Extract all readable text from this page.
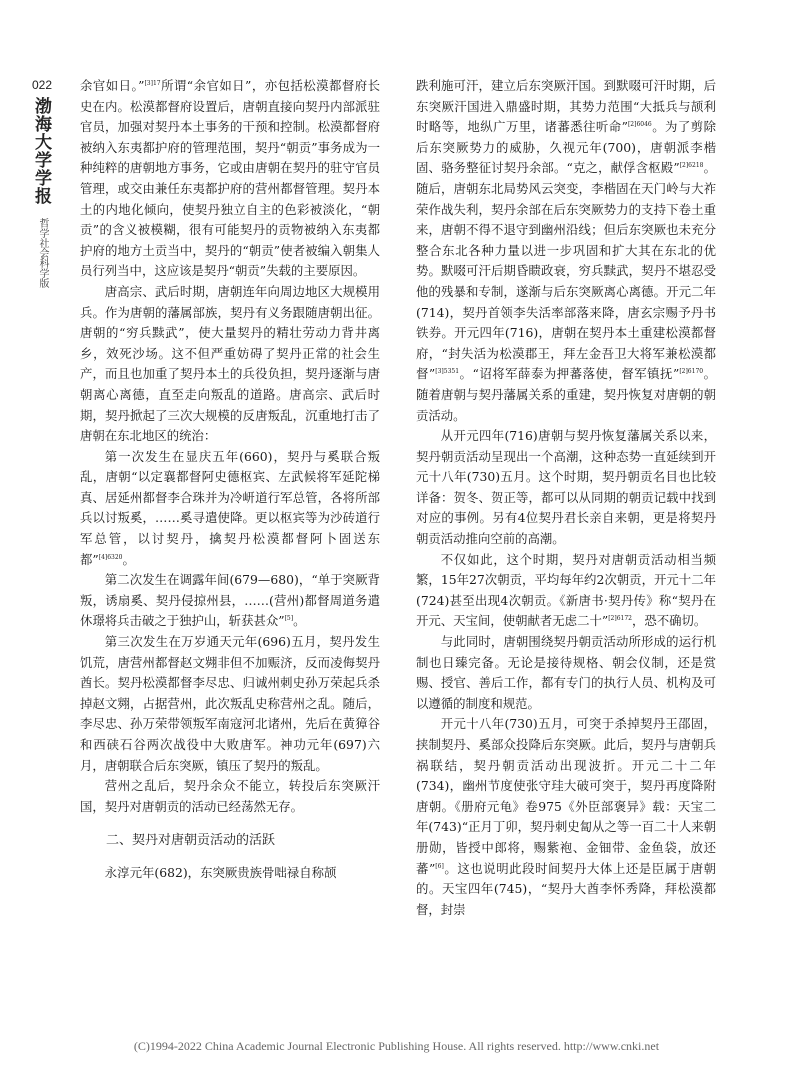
022
渤海大学学报
哲学社会科学版

余官如日。”$^{[3]17}$所谓“余官如日”，亦包括松漠都督府长史在内。松漠都督府设置后，唐朝直接向契丹内部派驻官员，加强对契丹本土事务的干预和控制。松漠都督府被纳入东夷都护府的管理范围，契丹“朝贡”事务成为一种纯粹的唐朝地方事务，它或由唐朝在契丹的驻守官员管理，或交由兼任东夷都护府的营州都督管理。契丹本土的内地化倾向，使契丹独立自主的色彩被淡化，“朝贡”的含义被模糊，很有可能契丹的贡物被纳入东夷都护府的地方土贡当中，契丹的“朝贡”使者被编入朝集人员行列当中，这应该是契丹“朝贡”失载的主要原因。

唐高宗、武后时期，唐朝连年向周边地区大规模用兵。作为唐朝的藩属部族，契丹有义务跟随唐朝出征。唐朝的“穷兵黩武”，使大量契丹的精壮劳动力背井离乡，效死沙场。这不但严重妨碍了契丹正常的社会生产，而且也加重了契丹本土的兵役负担，契丹逐渐与唐朝离心离德，直至走向叛乱的道路。唐高宗、武后时期，契丹掀起了三次大规模的反唐叛乱，沉重地打击了唐朝在东北地区的统治：

第一次发生在显庆五年(660)，契丹与奚联合叛乱，唐朝“以定襄都督阿史德枢宾、左武候将军延陀梯真、居延州都督李合珠并为冷岍道行军总管，各将所部兵以讨叛奚，……奚寻遣使降。更以枢宾等为沙砖道行军总管，以讨契丹，擒契丹松漠都督阿卜固送东都”$^{[4]6320}$。

第二次发生在调露年间(679—680)，“单于突厥背叛，诱扇奚、契丹侵掠州县，……(营州)都督周道务遣休璟将兵击破之于独护山，斩获甚众”[5]。

第三次发生在万岁通天元年(696)五月，契丹发生饥荒，唐营州都督赵文翙非但不加赈济，反而凌侮契丹酋长。契丹松漠都督李尽忠、归诚州刺史孙万荣起兵杀掉赵文翙，占据营州，此次叛乱史称营州之乱。随后，李尽忠、孙万荣带领叛军南寇河北诸州，先后在黄獐谷和西硖石谷两次战役中大败唐军。神功元年(697)六月，唐朝联合后东突厥，镇压了契丹的叛乱。

营州之乱后，契丹余众不能立，转投后东突厥汗国，契丹对唐朝贡的活动已经荡然无存。

二、契丹对唐朝贡活动的活跃

永淳元年(682)，东突厥贵族骨咄禄自称颉

跌利施可汗，建立后东突厥汗国。到默啜可汗时期，后东突厥汗国进入鼎盛时期，其势力范围“大抵兵与颉利时略等，地纵广万里，诸蕃悉往听命”$^{[2]6046}$。为了剪除后东突厥势力的威胁，久视元年(700)，唐朝派李楷固、骆务整征讨契丹余部。“克之，献俘含枢殿”$^{[2]6218}$。随后，唐朝东北局势风云突变，李楷固在天门岭与大祚荣作战失利，契丹余部在后东突厥势力的支持下卷土重来，唐朝不得不退守到幽州沿线；但后东突厥也未充分整合东北各种力量以进一步巩固和扩大其在东北的优势。默啜可汗后期昏瞆政衰，穷兵黩武，契丹不堪忍受他的残暴和专制，遂渐与后东突厥离心离德。开元二年(714)，契丹首领李失活率部落来降，唐玄宗赐予丹书铁券。开元四年(716)，唐朝在契丹本土重建松漠都督府，“封失活为松漠郡王，拜左金吾卫大将军兼松漠都督”$^{[3]5351}$。“诏将军薛泰为押蕃落使，督军镇抚”$^{[2]6170}$。随着唐朝与契丹藩属关系的重建，契丹恢复对唐朝的朝贡活动。

从开元四年(716)唐朝与契丹恢复藩属关系以来，契丹朝贡活动呈现出一个高潮，这种态势一直延续到开元十八年(730)五月。这个时期，契丹朝贡名目也比较详备：贺冬、贺正等，都可以从同期的朝贡记载中找到对应的事例。另有4位契丹君长亲自来朝，更是将契丹朝贡活动推向空前的高潮。

不仅如此，这个时期，契丹对唐朝贡活动相当频繁，15年27次朝贡，平均每年约2次朝贡，开元十二年(724)甚至出现4次朝贡。《新唐书·契丹传》称“契丹在开元、天宝间，使朝献者无虑二十”$^{[2]6172}$，恐不确切。

与此同时，唐朝围绕契丹朝贡活动所形成的运行机制也日臻完备。无论是接待规格、朝会仪制，还是赏赐、授官、善后工作，都有专门的执行人员、机构及可以遵循的制度和规范。

开元十八年(730)五月，可突于杀掉契丹王邵固，挟制契丹、奚部众投降后东突厥。此后，契丹与唐朝兵祸联结，契丹朝贡活动出现波折。开元二十二年(734)，幽州节度使张守珪大破可突于，契丹再度降附唐朝。《册府元龟》卷975《外臣部褒异》载：天宝二年(743)“正月丁卯，契丹刺史匐从之等一百二十人来朝册勋，皆授中郎将，赐紫袍、金钿带、金鱼袋，放还蕃”[6]。这也说明此段时间契丹大体上还是臣属于唐朝的。天宝四年(745)，“契丹大酋李怀秀降，拜松漠都督，封崇

(C)1994-2022 China Academic Journal Electronic Publishing House. All rights reserved. http://www.cnki.net
